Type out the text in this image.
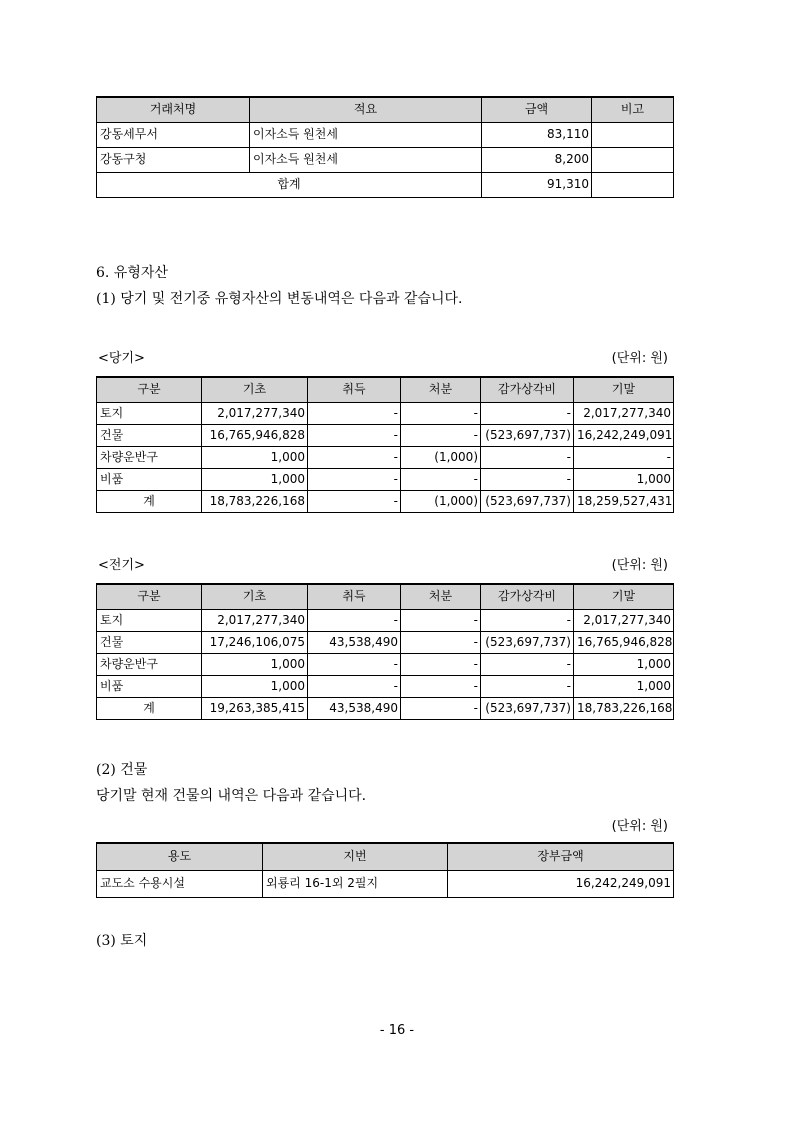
거래처명	적요	금액	비고
강동세무서	이자소득 원천세	83,110	
강동구청	이자소득 원천세	8,200	
합계		91,310	
6. 유형자산
(1) 당기 및 전기중 유형자산의 변동내역은 다음과 같습니다.
<당기>	(단위: 원)
구분	기초	취득	처분	감가상각비	기말
토지	2,017,277,340	-	-	-	2,017,277,340
건물	16,765,946,828	-	-	(523,697,737)	16,242,249,091
차량운반구	1,000	-	(1,000)	-	-
비품	1,000	-	-	-	1,000
계	18,783,226,168	-	(1,000)	(523,697,737)	18,259,527,431
<전기>	(단위: 원)
구분	기초	취득	처분	감가상각비	기말
토지	2,017,277,340	-	-	-	2,017,277,340
건물	17,246,106,075	43,538,490	-	(523,697,737)	16,765,946,828
차량운반구	1,000	-	-	-	1,000
비품	1,000	-	-	-	1,000
계	19,263,385,415	43,538,490	-	(523,697,737)	18,783,226,168
(2) 건물
당기말 현재 건물의 내역은 다음과 같습니다.
(단위: 원)
용도	지번	장부금액
교도소 수용시설	외룡리 16-1외 2필지	16,242,249,091
(3) 토지
- 16 -
